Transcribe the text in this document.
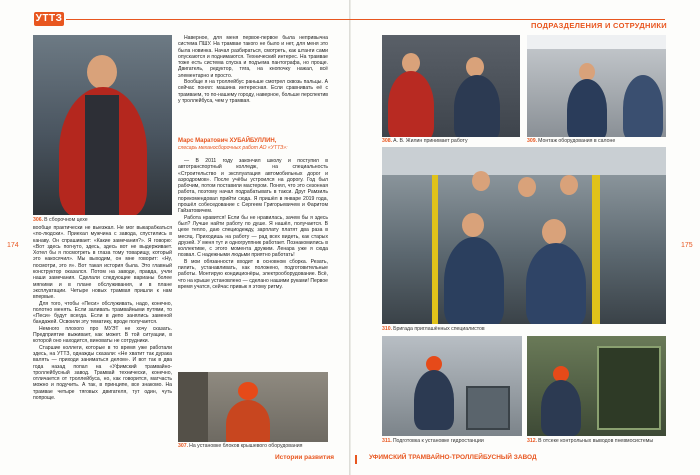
УТТЗ
ПОДРАЗДЕЛЕНИЯ И СОТРУДНИКИ
174	175
306.В сборочном цехе

вообще практически не выезжал. Не мог выкарабкаться «по-людски». Приехал мужчина с завода, спустились в канаву. Он спрашивает: «Какие замечания?». Я говорю: «Вот здесь погнуто, здесь, здесь вот не выдерживает. Хотел бы я посмотреть в глаза тому товарищу, который это накосячил». Мы выходим, он мне говорит: «Ну, посмотри, это я». Вот такая история была. Это главный конструктор оказался. Потом на заводе, правда, учли наши замечания. Сделали следующие варианы более мягкими и в плане обслуживания, и в плане эксплуатации. Четыре новых трамвая пришли к нам впервые.

Для того, чтобы «Песи» обслуживать, надо, конечно, полотно менять. Если заливать трамвайными путями, то «Песи» будут всегда. Если в депо занялись заменой бандажей. Освоили эту тематику, вроде получается.

Немного плохого про МУЭТ не хочу сказать. Предприятие выживает, как может. В той ситуации, в которой оно находится, виноваты не сотрудники.

Старшие коллеги, которые в то время уже работали здесь, на УТТЗ, однажды сказали: «Не хватит так дурака валять — приходи заниматься делом». И вот так в два года назад попал на «Уфимский трамвайно-троллейбусный завод. Трамвай технически, конечно, отличается от троллейбуса, но, как говорится, матчасть можно и подучить. А так, в принципе, все знакомо. На трамвае четыре тяговых двигателя, тут один, чуть попроще.

Наверное, для меня первое-первое была непривычна система ПШУ. На трамвае такого не было и нет, для меня это была новинка. Начал разбираться, смотреть, как штанги сами опускаются и поднимаются. Технический интерес. На трамвае тоже есть система спуска и подъема пантографа, но проще. Двигатель, редуктор, тяга, на кнопочку нажал, всё элементарно и просто.

Вообще я на троллейбус раньше смотрел сквозь пальцы. А сейчас понял: машина интересная. Если сравнивать её с трамваем, то по-нашему городу, наверное, больше перспектив у троллейбуса, чем у трамвая.

Марс Маратович ХУБАЙБУЛЛИН,
слесарь механосборочных работ АО «УТТЗ»:

— В 2011 году закончил школу и поступил в автотранспортный колледж, на специальность «Строительство и эксплуатация автомобильных дорог и аэродромов». После учёбы устроился на дорогу. Год был рабочим, потом поставили мастером. Понял, что это сезонная работа, поэтому начал подрабатывать в такси. Друг Рамзиль порекомендовал прийти сюда. Я пришёл в январе 2019 года, прошёл собеседование с Сергеем Григорьевичем и Фаритом Гайзатовичем.

Работа нравится! Если бы не нравилась, зачем бы я здесь был? Лучше найти работу по душе. Я нашёл, получается. В цехе тепло, даю специодежду, зарплату платят два раза в месяц. Приходишь на работу — рад всех видеть, как старых друзей. У меня тут и одногруппник работает. Познакомились в коллективе, с этого момента дружим. Ленара уже я сюда позвал. С надежными людьми приятно работать!

В мои обязанности входит в основном сборка. Резать, пилить, устанавливать, как положено, подготовительные работы. Монтирую кондиционёры, электрооборудование. Всё, что на крыше установлено — сделано нашими руками! Первое время учатся, сейчас привык я этому ритму.

307.На установке блоков крышевого оборудования
308.А. В. Жилин принимает работу	309.Монтаж оборудования в салоне
310.Бригада приглашённых специалистов
311.Подготовка к установке гидростанции	312.В отсеке контрольных выводов пневмосистемы
Истории развития	УФИМСКИЙ ТРАМВАЙНО-ТРОЛЛЕЙБУСНЫЙ ЗАВОД
